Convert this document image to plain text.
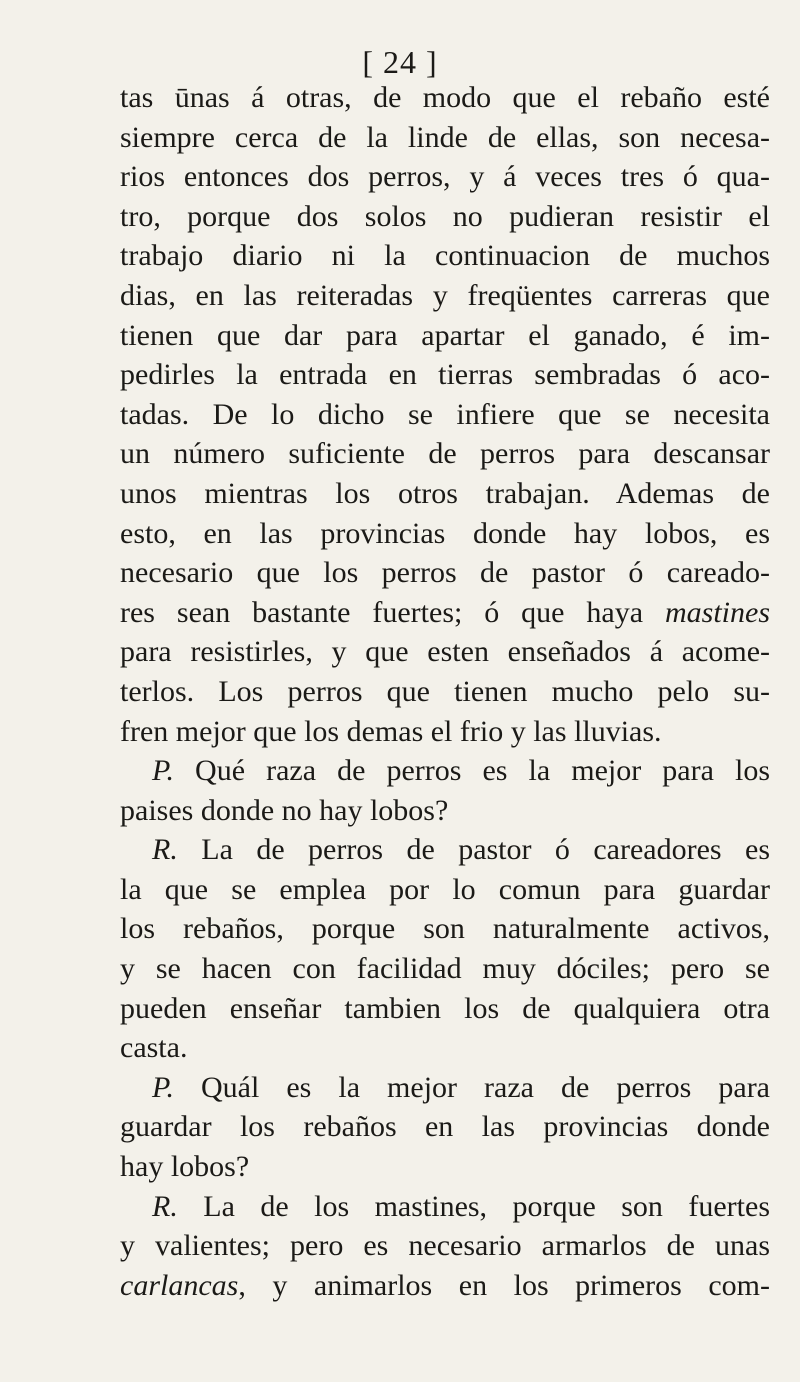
[ 24 ]
tas ūnas á otras, de modo que el rebaño esté
siempre cerca de la linde de ellas, son necesa-
rios entonces dos perros, y á veces tres ó qua-
tro, porque dos solos no pudieran resistir el
trabajo diario ni la continuacion de muchos
dias, en las reiteradas y freqüentes carreras que
tienen que dar para apartar el ganado, é im-
pedirles la entrada en tierras sembradas ó aco-
tadas. De lo dicho se infiere que se necesita
un número suficiente de perros para descansar
unos mientras los otros trabajan. Ademas de
esto, en las provincias donde hay lobos, es
necesario que los perros de pastor ó careado-
res sean bastante fuertes; ó que haya mastines
para resistirles, y que esten enseñados á acome-
terlos. Los perros que tienen mucho pelo su-
fren mejor que los demas el frio y las lluvias.
P. Qué raza de perros es la mejor para los
paises donde no hay lobos?
R. La de perros de pastor ó careadores es
la que se emplea por lo comun para guardar
los rebaños, porque son naturalmente activos,
y se hacen con facilidad muy dóciles; pero se
pueden enseñar tambien los de qualquiera otra
casta.
P. Quál es la mejor raza de perros para
guardar los rebaños en las provincias donde
hay lobos?
R. La de los mastines, porque son fuertes
y valientes; pero es necesario armarlos de unas
carlancas, y animarlos en los primeros com-
